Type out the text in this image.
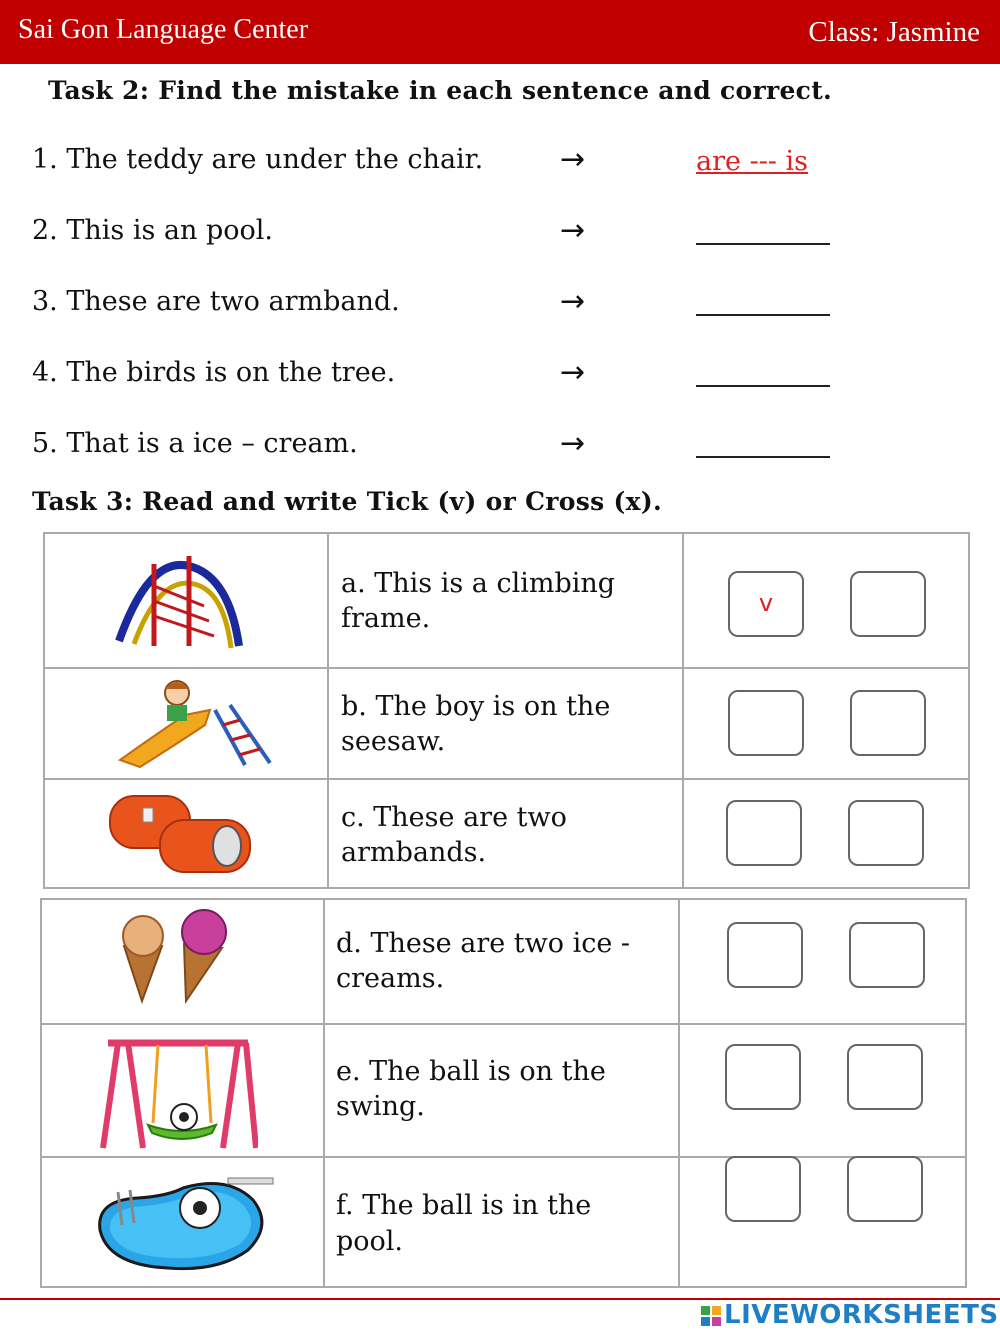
Sai Gon Language Center	Class: Jasmine
Task 2: Find the mistake in each sentence and correct.
1. The teddy are under the chair.	→	are --- is
2. This is an pool.	→
3. These are two armband.	→
4. The birds is on the tree.	→
5. That is a ice – cream.	→
Task 3: Read and write Tick (v) or Cross (x).
a. This is a climbing
frame.	v
b. The boy is on the
seesaw.
c. These are two
armbands.
d. These are two ice -
creams.
e. The ball is on the
swing.
f. The ball is in the
pool.
LIVEWORKSHEETS
